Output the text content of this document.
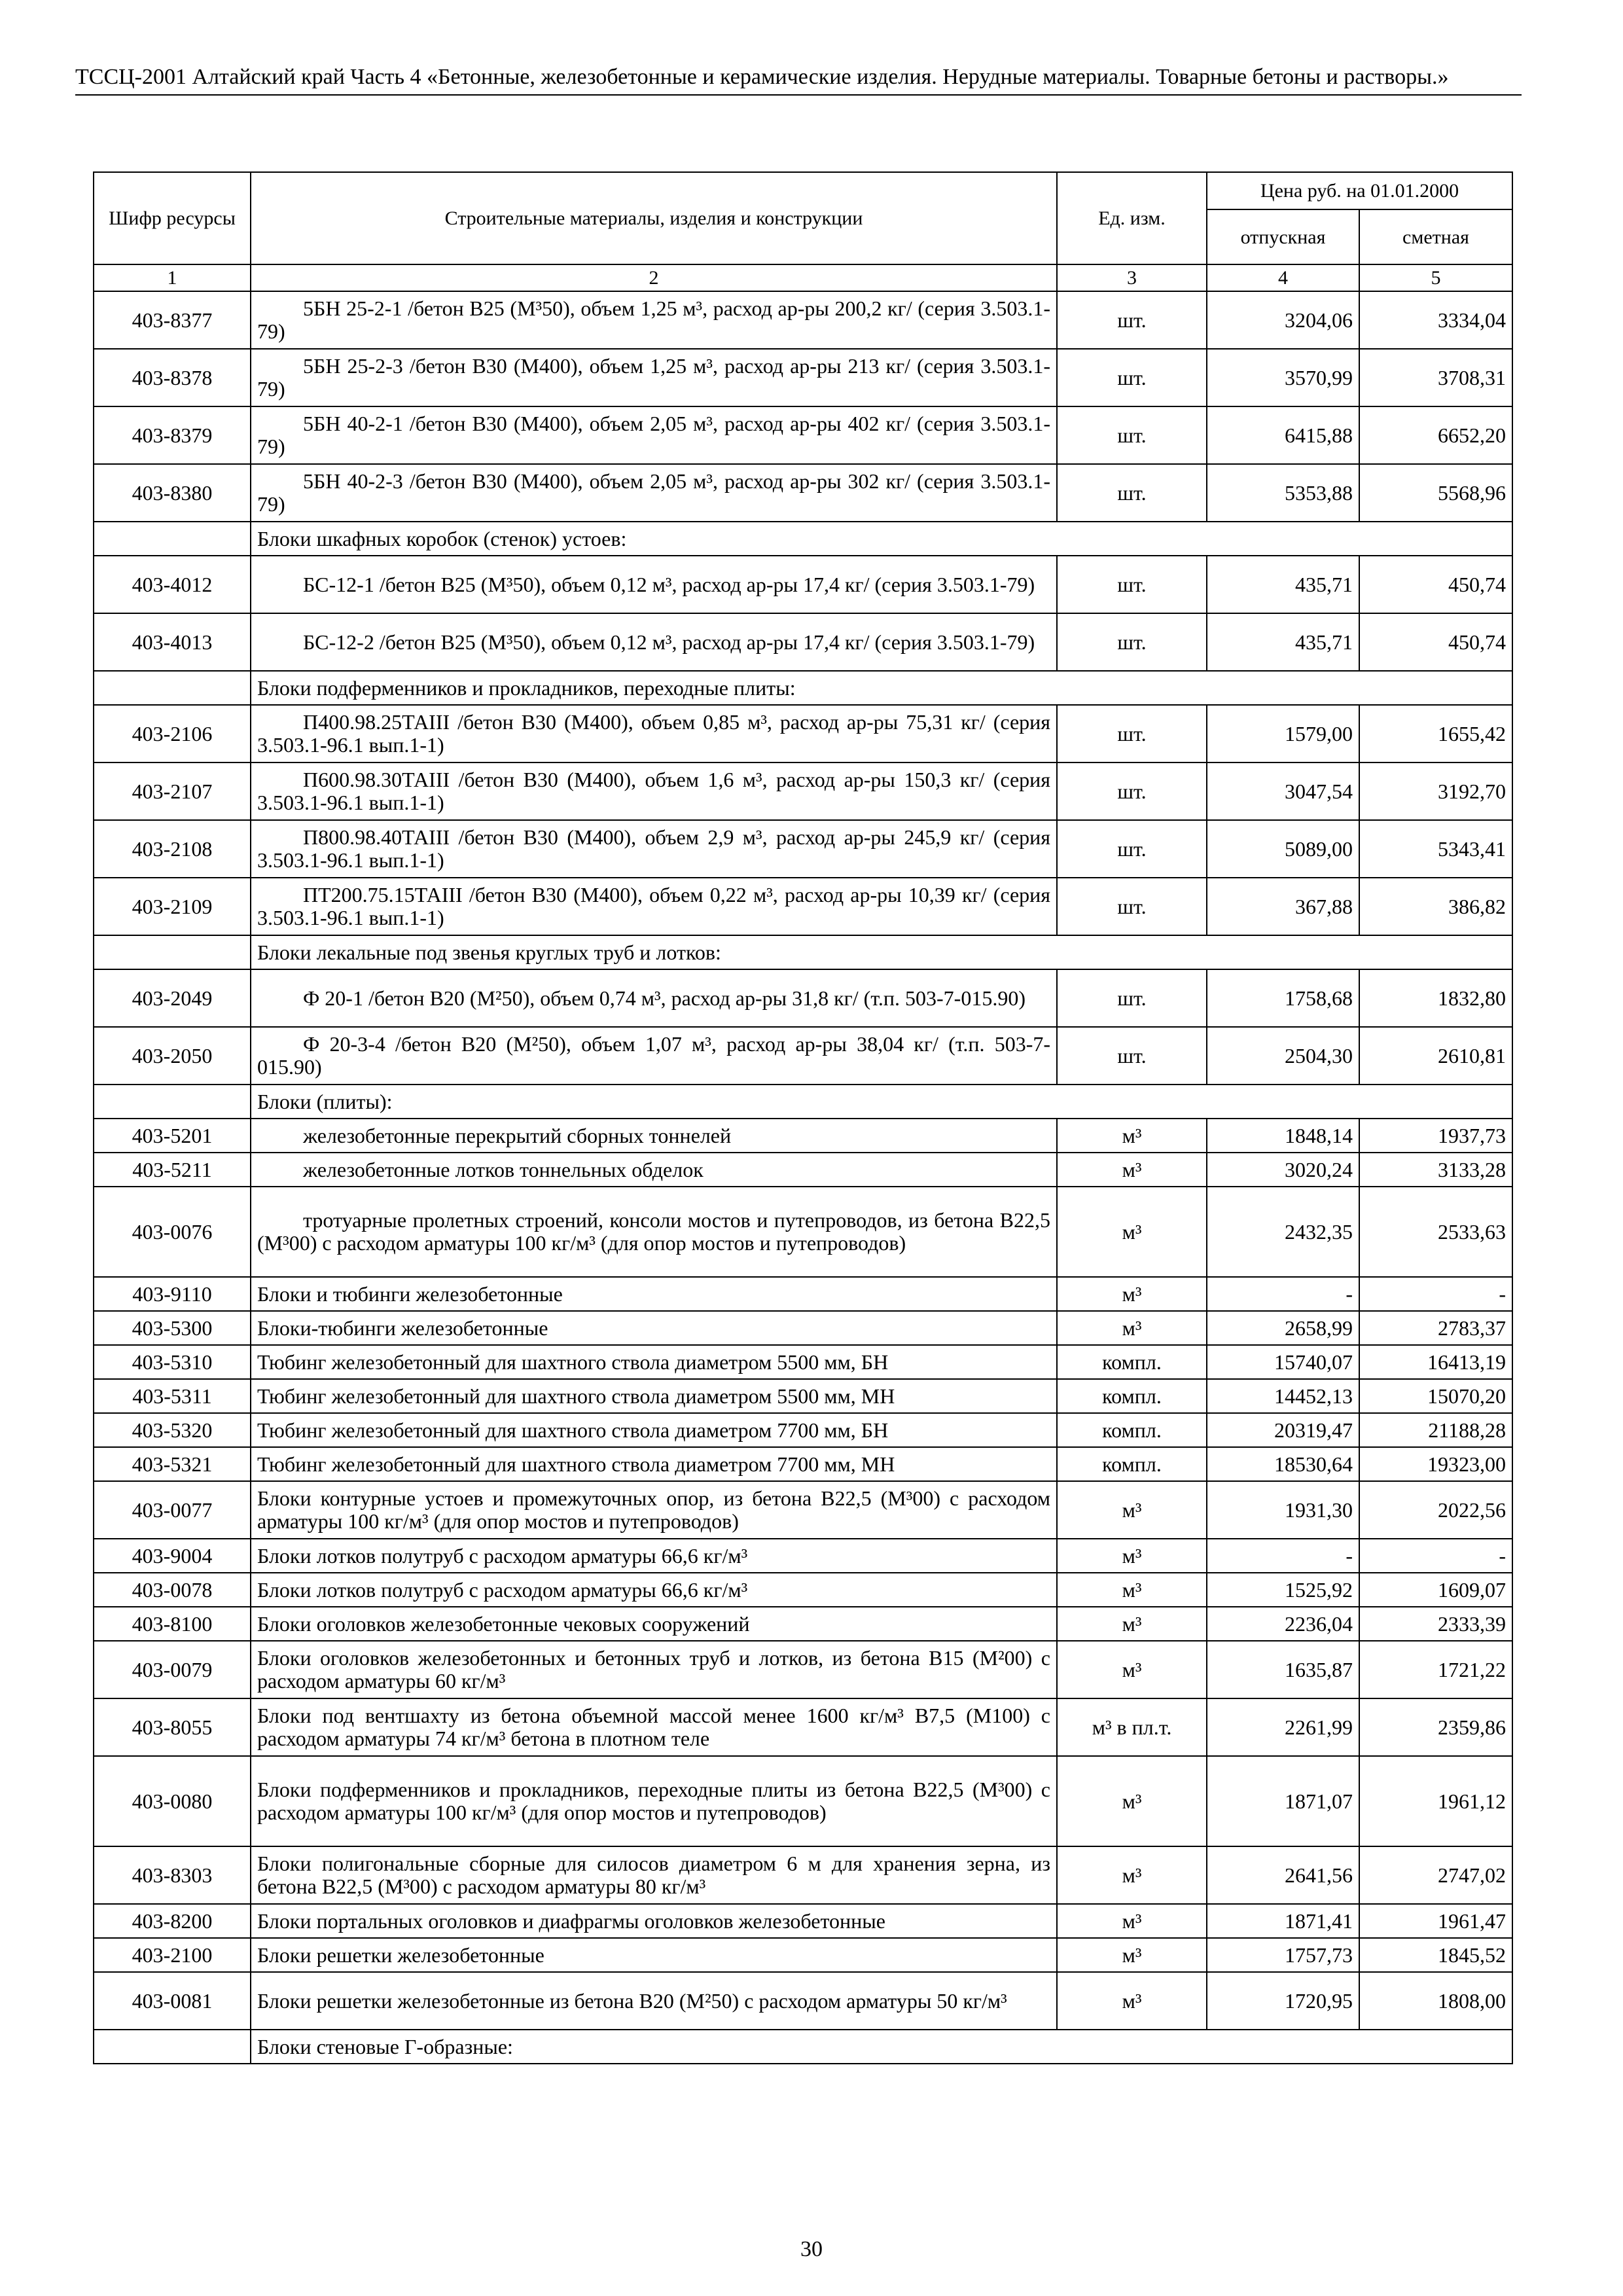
ТССЦ-2001 Алтайский край Часть 4 «Бетонные, железобетонные и керамические изделия. Нерудные материалы. Товарные бетоны и растворы.»
Шифр ресурсы	Строительные материалы, изделия и конструкции	Ед. изм.	Цена руб. на 01.01.2000	
			отпускная	сметная
1	2	3	4	5
403-8377	5БН 25-2-1 /бетон В25 (М³50), объем 1,25 м³, расход ар-ры 200,2 кг/ (серия 3.503.1-79)	шт.	3204,06	3334,04
403-8378	5БН 25-2-3 /бетон В30 (М400), объем 1,25 м³, расход ар-ры 213 кг/ (серия 3.503.1-79)	шт.	3570,99	3708,31
403-8379	5БН 40-2-1 /бетон В30 (М400), объем 2,05 м³, расход ар-ры 402 кг/ (серия 3.503.1-79)	шт.	6415,88	6652,20
403-8380	5БН 40-2-3 /бетон В30 (М400), объем 2,05 м³, расход ар-ры 302 кг/ (серия 3.503.1-79)	шт.	5353,88	5568,96
	Блоки шкафных коробок (стенок) устоев:			
403-4012	БС-12-1 /бетон В25 (М³50), объем 0,12 м³, расход ар-ры 17,4 кг/ (серия 3.503.1-79)	шт.	435,71	450,74
403-4013	БС-12-2 /бетон В25 (М³50), объем 0,12 м³, расход ар-ры 17,4 кг/ (серия 3.503.1-79)	шт.	435,71	450,74
	Блоки подферменников и прокладников, переходные плиты:			
403-2106	П400.98.25ТАIII /бетон В30 (М400), объем 0,85 м³, расход ар-ры 75,31 кг/ (серия 3.503.1-96.1 вып.1-1)	шт.	1579,00	1655,42
403-2107	П600.98.30ТАIII /бетон В30 (М400), объем 1,6 м³, расход ар-ры 150,3 кг/ (серия 3.503.1-96.1 вып.1-1)	шт.	3047,54	3192,70
403-2108	П800.98.40ТАIII /бетон В30 (М400), объем 2,9 м³, расход ар-ры 245,9 кг/ (серия 3.503.1-96.1 вып.1-1)	шт.	5089,00	5343,41
403-2109	ПТ200.75.15ТАIII /бетон В30 (М400), объем 0,22 м³, расход ар-ры 10,39 кг/ (серия 3.503.1-96.1 вып.1-1)	шт.	367,88	386,82
	Блоки лекальные под звенья круглых труб и лотков:			
403-2049	Ф 20-1 /бетон В20 (М²50), объем 0,74 м³, расход ар-ры 31,8 кг/ (т.п. 503-7-015.90)	шт.	1758,68	1832,80
403-2050	Ф 20-3-4 /бетон В20 (М²50), объем 1,07 м³, расход ар-ры 38,04 кг/ (т.п. 503-7-015.90)	шт.	2504,30	2610,81
	Блоки (плиты):			
403-5201	железобетонные перекрытий сборных тоннелей	м³	1848,14	1937,73
403-5211	железобетонные лотков тоннельных обделок	м³	3020,24	3133,28
403-0076	тротуарные пролетных строений, консоли мостов и путепроводов, из бетона В22,5 (М³00) с расходом арматуры 100 кг/м³ (для опор мостов и путепроводов)	м³	2432,35	2533,63
403-9110	Блоки и тюбинги железобетонные	м³	-	-
403-5300	Блоки-тюбинги железобетонные	м³	2658,99	2783,37
403-5310	Тюбинг железобетонный для шахтного ствола диаметром 5500 мм, БН	компл.	15740,07	16413,19
403-5311	Тюбинг железобетонный для шахтного ствола диаметром 5500 мм, МН	компл.	14452,13	15070,20
403-5320	Тюбинг железобетонный для шахтного ствола диаметром 7700 мм, БН	компл.	20319,47	21188,28
403-5321	Тюбинг железобетонный для шахтного ствола диаметром 7700 мм, МН	компл.	18530,64	19323,00
403-0077	Блоки контурные устоев и промежуточных опор, из бетона В22,5 (М³00) с расходом арматуры 100 кг/м³ (для опор мостов и путепроводов)	м³	1931,30	2022,56
403-9004	Блоки лотков полутруб с расходом арматуры 66,6 кг/м³	м³	-	-
403-0078	Блоки лотков полутруб с расходом арматуры 66,6 кг/м³	м³	1525,92	1609,07
403-8100	Блоки оголовков железобетонные чековых сооружений	м³	2236,04	2333,39
403-0079	Блоки оголовков железобетонных и бетонных труб и лотков, из бетона В15 (М²00) с расходом арматуры 60 кг/м³	м³	1635,87	1721,22
403-8055	Блоки под вентшахту из бетона объемной массой менее 1600 кг/м³ В7,5 (М100) с расходом арматуры 74 кг/м³ бетона в плотном теле	м³ в пл.т.	2261,99	2359,86
403-0080	Блоки подферменников и прокладников, переходные плиты из бетона В22,5 (М³00) с расходом арматуры 100 кг/м³ (для опор мостов и путепроводов)	м³	1871,07	1961,12
403-8303	Блоки полигональные сборные для силосов диаметром 6 м для хранения зерна, из бетона В22,5 (М³00) с расходом арматуры 80 кг/м³	м³	2641,56	2747,02
403-8200	Блоки портальных оголовков и диафрагмы оголовков железобетонные	м³	1871,41	1961,47
403-2100	Блоки решетки железобетонные	м³	1757,73	1845,52
403-0081	Блоки решетки железобетонные из бетона В20 (М²50) с расходом арматуры 50 кг/м³	м³	1720,95	1808,00
	Блоки стеновые Г-образные:			
30
